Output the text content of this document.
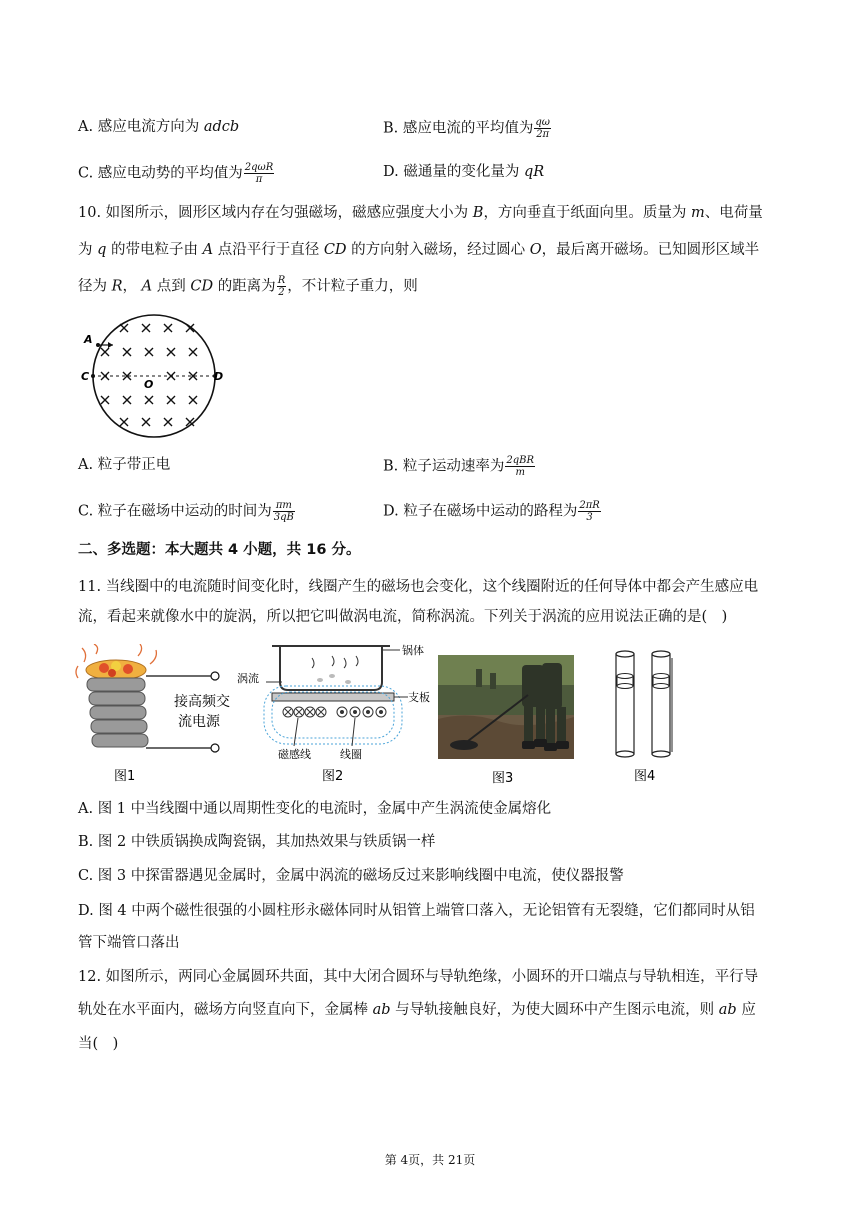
A. 感应电流方向为 adcb	B. 感应电流的平均值为 $\frac{q\omega}{2\pi}$
C. 感应电动势的平均值为 $\frac{\text{2qωR}}{\pi}$	D. 磁通量的变化量为 qR
10. 如图所示，圆形区域内存在匀强磁场，磁感应强度大小为 B，方向垂直于纸面向里。质量为 m、电荷量
为 q 的带电粒子由 A 点沿平行于直径 CD 的方向射入磁场，经过圆心 O，最后离开磁场。已知圆形区域半
径为 R， A 点到 CD 的距离为 $\frac{R}{2}$ ，不计粒子重力，则
A
C	D
O
A. 粒子带正电	B. 粒子运动速率为 $\frac{\text{2qBR}}{m}$
C. 粒子在磁场中运动的时间为 $\frac{\pi m}{3qB}$	D. 粒子在磁场中运动的路程为 $\frac{2\pi R}{3}$
二、多选题：本大题共 4 小题，共 16 分。
11. 当线圈中的电流随时间变化时，线圈产生的磁场也会变化，这个线圈附近的任何导体中都会产生感应电
流，看起来就像水中的旋涡，所以把它叫做涡电流，简称涡流。下列关于涡流的应用说法正确的是(　)
接高频交
流电源
图1
锅体
涡流
支板
磁感线	线圈
图2	图3	图4
A. 图 1 中当线圈中通以周期性变化的电流时，金属中产生涡流使金属熔化
B. 图 2 中铁质锅换成陶瓷锅，其加热效果与铁质锅一样
C. 图 3 中探雷器遇见金属时，金属中涡流的磁场反过来影响线圈中电流，使仪器报警
D. 图 4 中两个磁性很强的小圆柱形永磁体同时从铝管上端管口落入，无论铝管有无裂缝，它们都同时从铝
管下端管口落出
12. 如图所示，两同心金属圆环共面，其中大闭合圆环与导轨绝缘，小圆环的开口端点与导轨相连，平行导
轨处在水平面内，磁场方向竖直向下，金属棒 ab 与导轨接触良好，为使大圆环中产生图示电流，则 ab 应
当(　)
第 4页，共 21页
